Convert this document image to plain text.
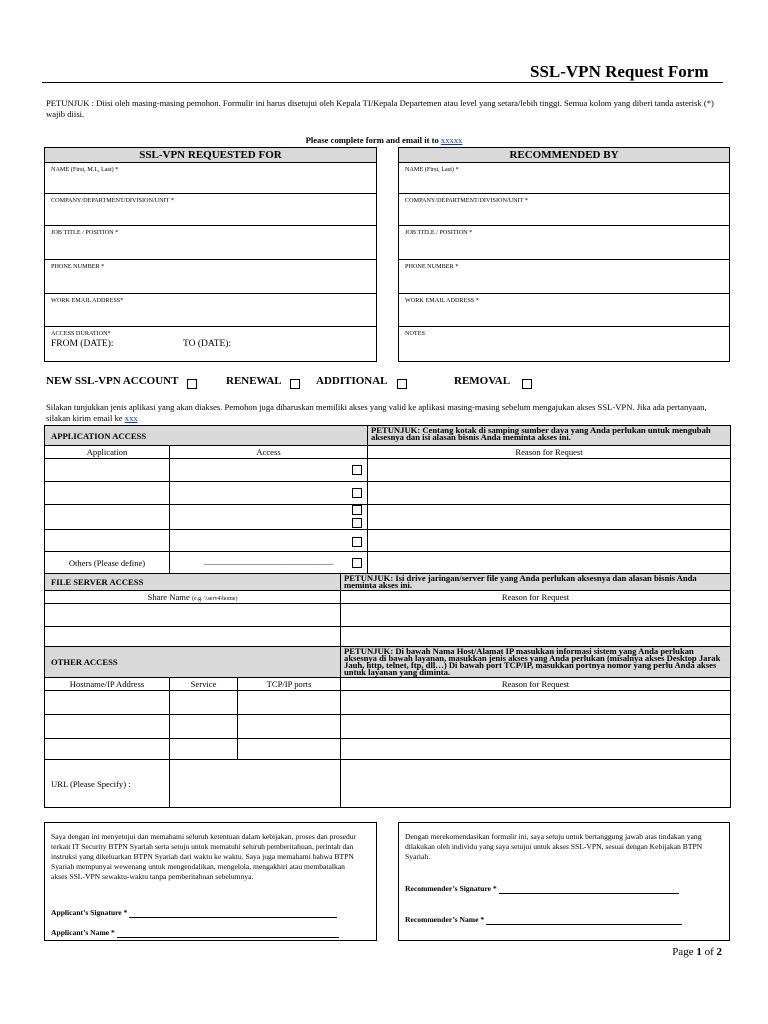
SSL-VPN Request Form
PETUNJUK : Diisi oleh masing-masing pemohon. Formulir ini harus disetujui oleh Kepala TI/Kepala Departemen atau level yang setara/lebih tinggi. Semua kolom yang diberi tanda asterisk (*) wajib diisi.
Please complete form and email it to xxxxx
SSL-VPN REQUESTED FOR
NAME (First, M.I., Last) *
COMPANY/DEPARTMENT/DIVISION/UNIT *
JOB TITLE / POSITION *
PHONE NUMBER *
WORK EMAIL ADDRESS*
ACCESS DURATION*
FROM (DATE):	TO (DATE):
RECOMMENDED BY
NAME (First, Last) *
COMPANY/DEPARTMENT/DIVISION/UNIT *
JOB TITLE / POSITION *
PHONE NUMBER *
WORK EMAIL ADDRESS *
NOTES
NEW SSL-VPN ACCOUNT	RENEWAL	ADDITIONAL	REMOVAL
Silakan tunjukkan jenis aplikasi yang akan diakses. Pemohon juga diharuskan memiliki akses yang valid ke aplikasi masing-masing sebelum mengajukan akses SSL-VPN. Jika ada pertanyaan, silakan kirim email ke xxx
APPLICATION ACCESS		PETUNJUK: Centang kotak di samping sumber daya yang Anda perlukan untuk mengubah aksesnya dan isi alasan bisnis Anda meminta akses ini.
Application	Access	Reason for Request

Others (Please define)	______________________________	

FILE SERVER ACCESS	PETUNJUK: Isi drive jaringan/server file yang Anda perlukan aksesnya dan alasan bisnis Anda meminta akses ini.
Share Name (e.g. \\serv4\home)	Reason for Request

OTHER ACCESS			PETUNJUK: Di bawah Nama Host/Alamat IP masukkan informasi sistem yang Anda perlukan aksesnya di bawah layanan, masukkan jenis akses yang Anda perlukan (misalnya akses Desktop Jarak Jauh, http, telnet, ftp, dll…) Di bawah port TCP/IP, masukkan portnya nomor yang perlu Anda akses untuk layanan yang diminta.
Hostname/IP Address	Service	TCP/IP ports	Reason for Request

URL (Please Specify) :			

Saya dengan ini menyetujui dan memahami seluruh ketentuan dalam kebijakan, proses dan prosedur terkait IT Security BTPN Syariah serta setuju untuk mematuhi seluruh pemberitahuan, perintah dan instruksi yang dikeluarkan BTPN Syariah dari waktu ke waktu. Saya juga memahami bahwa BTPN Syariah mempunyai wewenang untuk mengendalikan, mengelola, mengakhiri atau membatalkan akses SSL-VPN sewaktu-waktu tanpa pemberitahuan sebelumnya.

Applicant’s Signature *
Applicant’s Name *

Dengan merekomendasikan formulir ini, saya setuju untuk bertanggung jawab atas tindakan yang dilakukan oleh individu yang saya setujui untuk akses SSL-VPN, sesuai dengan Kebijakan BTPN Syariah.

Recommender’s Signature *
Recommender’s Name *
Page 1 of 2
